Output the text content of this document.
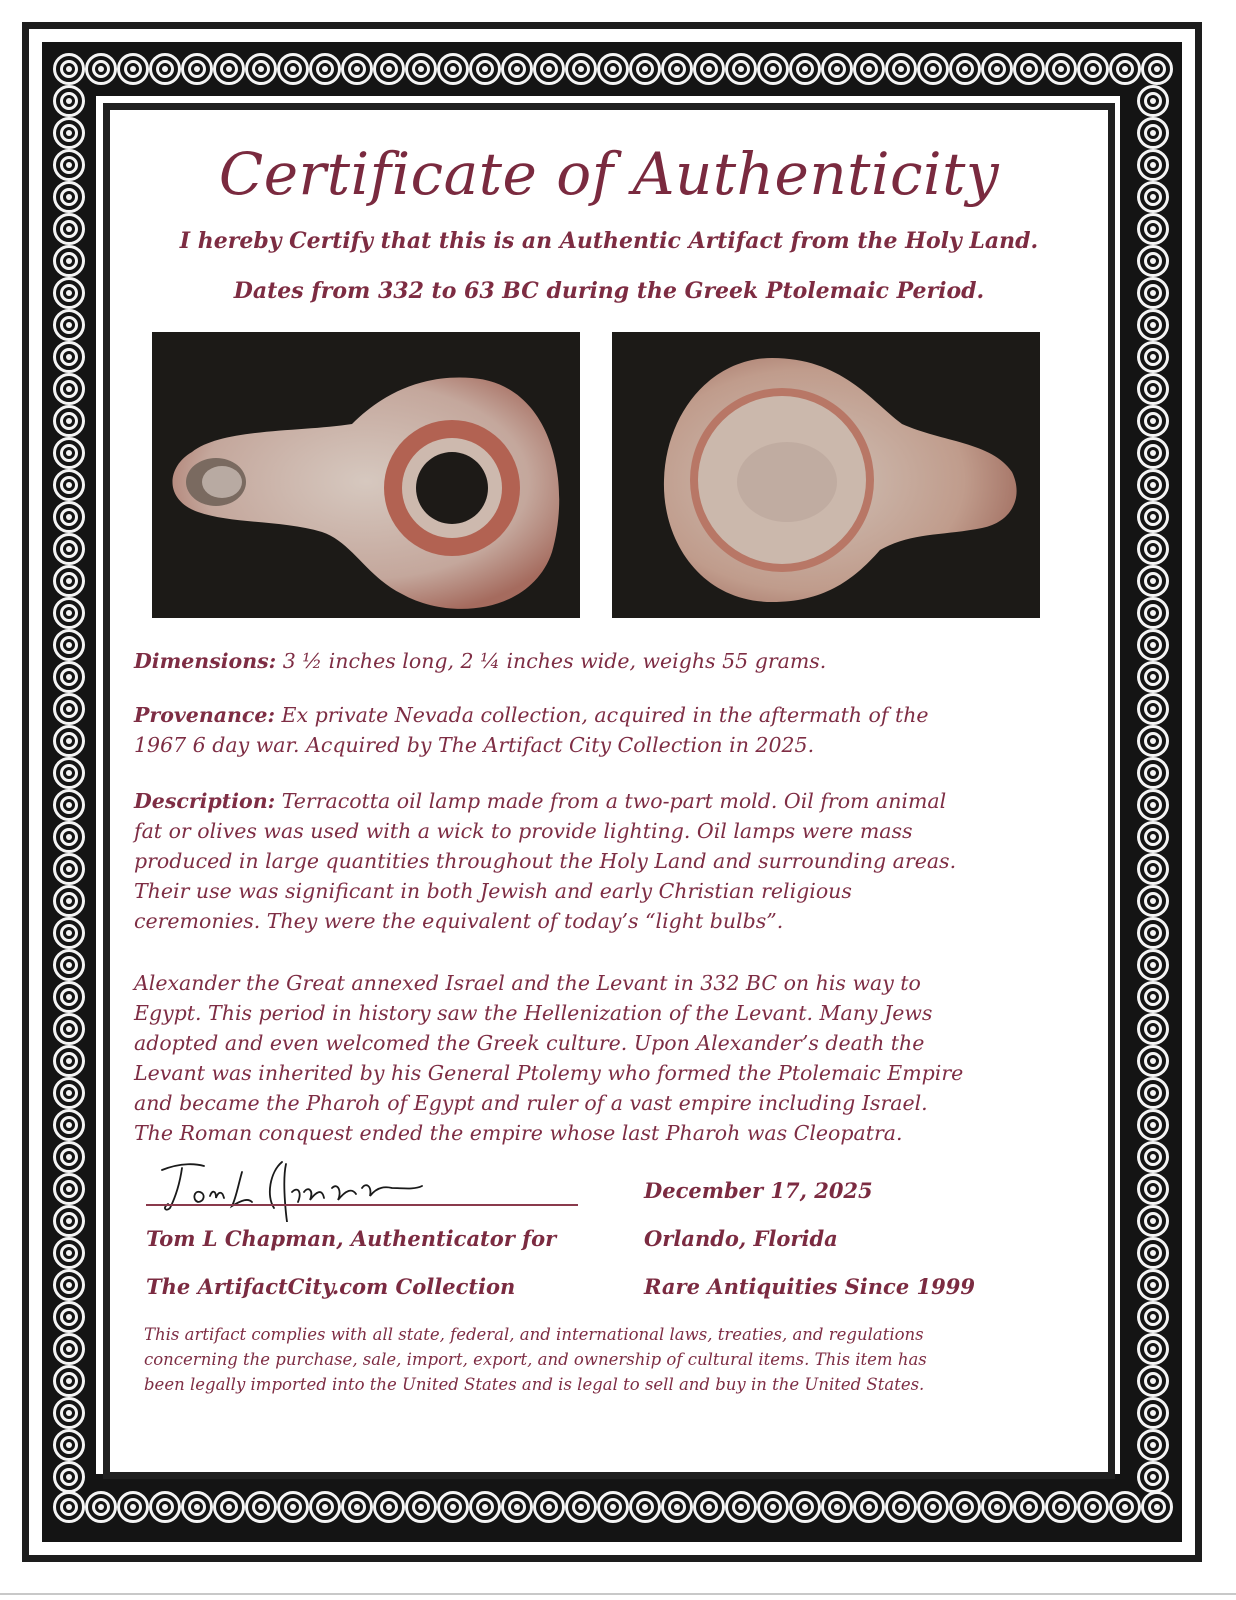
Certificate of Authenticity
I hereby Certify that this is an Authentic Artifact from the Holy Land.
Dates from 332 to 63 BC during the Greek Ptolemaic Period.
Dimensions: 3 ½ inches long, 2 ¼ inches wide, weighs 55 grams.
Provenance: Ex private Nevada collection, acquired in the aftermath of the
1967 6 day war. Acquired by The Artifact City Collection in 2025.
Description: Terracotta oil lamp made from a two-part mold. Oil from animal
fat or olives was used with a wick to provide lighting. Oil lamps were mass
produced in large quantities throughout the Holy Land and surrounding areas.
Their use was significant in both Jewish and early Christian religious
ceremonies. They were the equivalent of today’s “light bulbs”.
Alexander the Great annexed Israel and the Levant in 332 BC on his way to
Egypt. This period in history saw the Hellenization of the Levant. Many Jews
adopted and even welcomed the Greek culture. Upon Alexander’s death the
Levant was inherited by his General Ptolemy who formed the Ptolemaic Empire
and became the Pharoh of Egypt and ruler of a vast empire including Israel.
The Roman conquest ended the empire whose last Pharoh was Cleopatra.
Tom L Chapman, Authenticator for
The ArtifactCity.com Collection
December 17, 2025
Orlando, Florida
Rare Antiquities Since 1999
This artifact complies with all state, federal, and international laws, treaties, and regulations
concerning the purchase, sale, import, export, and ownership of cultural items. This item has
been legally imported into the United States and is legal to sell and buy in the United States.
